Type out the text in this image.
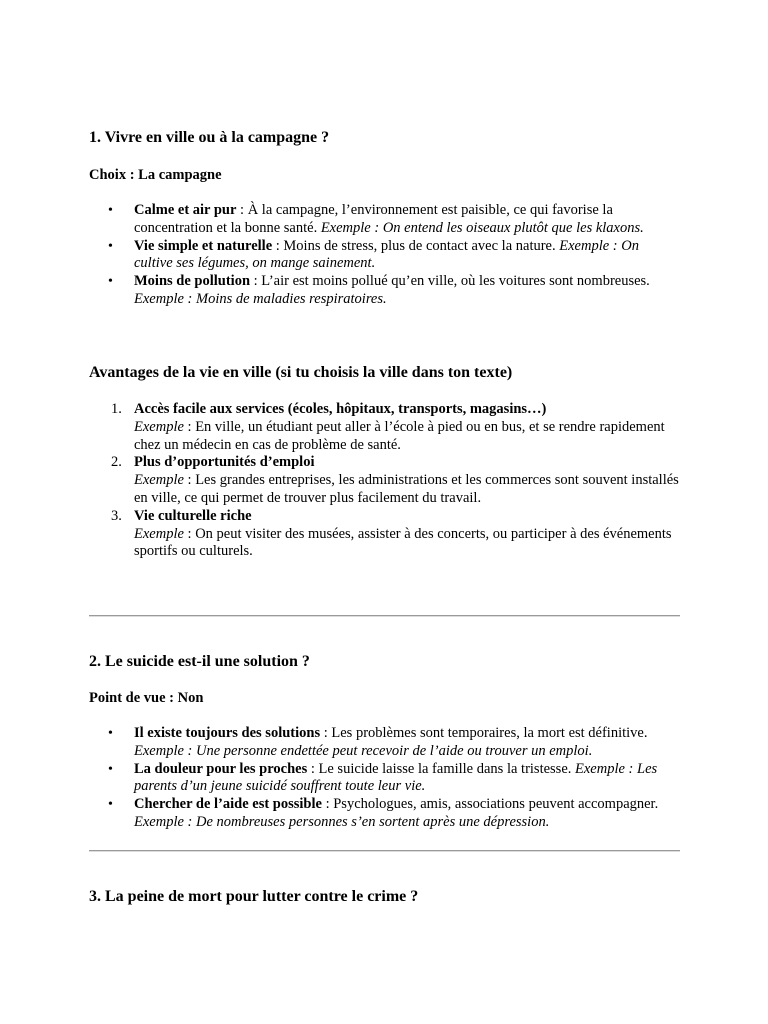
1. Vivre en ville ou à la campagne ?

Choix : La campagne

• Calme et air pur : À la campagne, l’environnement est paisible, ce qui favorise la concentration et la bonne santé. Exemple : On entend les oiseaux plutôt que les klaxons.
• Vie simple et naturelle : Moins de stress, plus de contact avec la nature. Exemple : On cultive ses légumes, on mange sainement.
• Moins de pollution : L’air est moins pollué qu’en ville, où les voitures sont nombreuses. Exemple : Moins de maladies respiratoires.
Avantages de la vie en ville (si tu choisis la ville dans ton texte)
1. Accès facile aux services (écoles, hôpitaux, transports, magasins…)
Exemple : En ville, un étudiant peut aller à l’école à pied ou en bus, et se rendre rapidement chez un médecin en cas de problème de santé.
2. Plus d’opportunités d’emploi
Exemple : Les grandes entreprises, les administrations et les commerces sont souvent installés en ville, ce qui permet de trouver plus facilement du travail.
3. Vie culturelle riche
Exemple : On peut visiter des musées, assister à des concerts, ou participer à des événements sportifs ou culturels.
2. Le suicide est-il une solution ?

Point de vue : Non

• Il existe toujours des solutions : Les problèmes sont temporaires, la mort est définitive. Exemple : Une personne endettée peut recevoir de l’aide ou trouver un emploi.
• La douleur pour les proches : Le suicide laisse la famille dans la tristesse. Exemple : Les parents d’un jeune suicidé souffrent toute leur vie.
• Chercher de l’aide est possible : Psychologues, amis, associations peuvent accompagner. Exemple : De nombreuses personnes s’en sortent après une dépression.
3. La peine de mort pour lutter contre le crime ?
